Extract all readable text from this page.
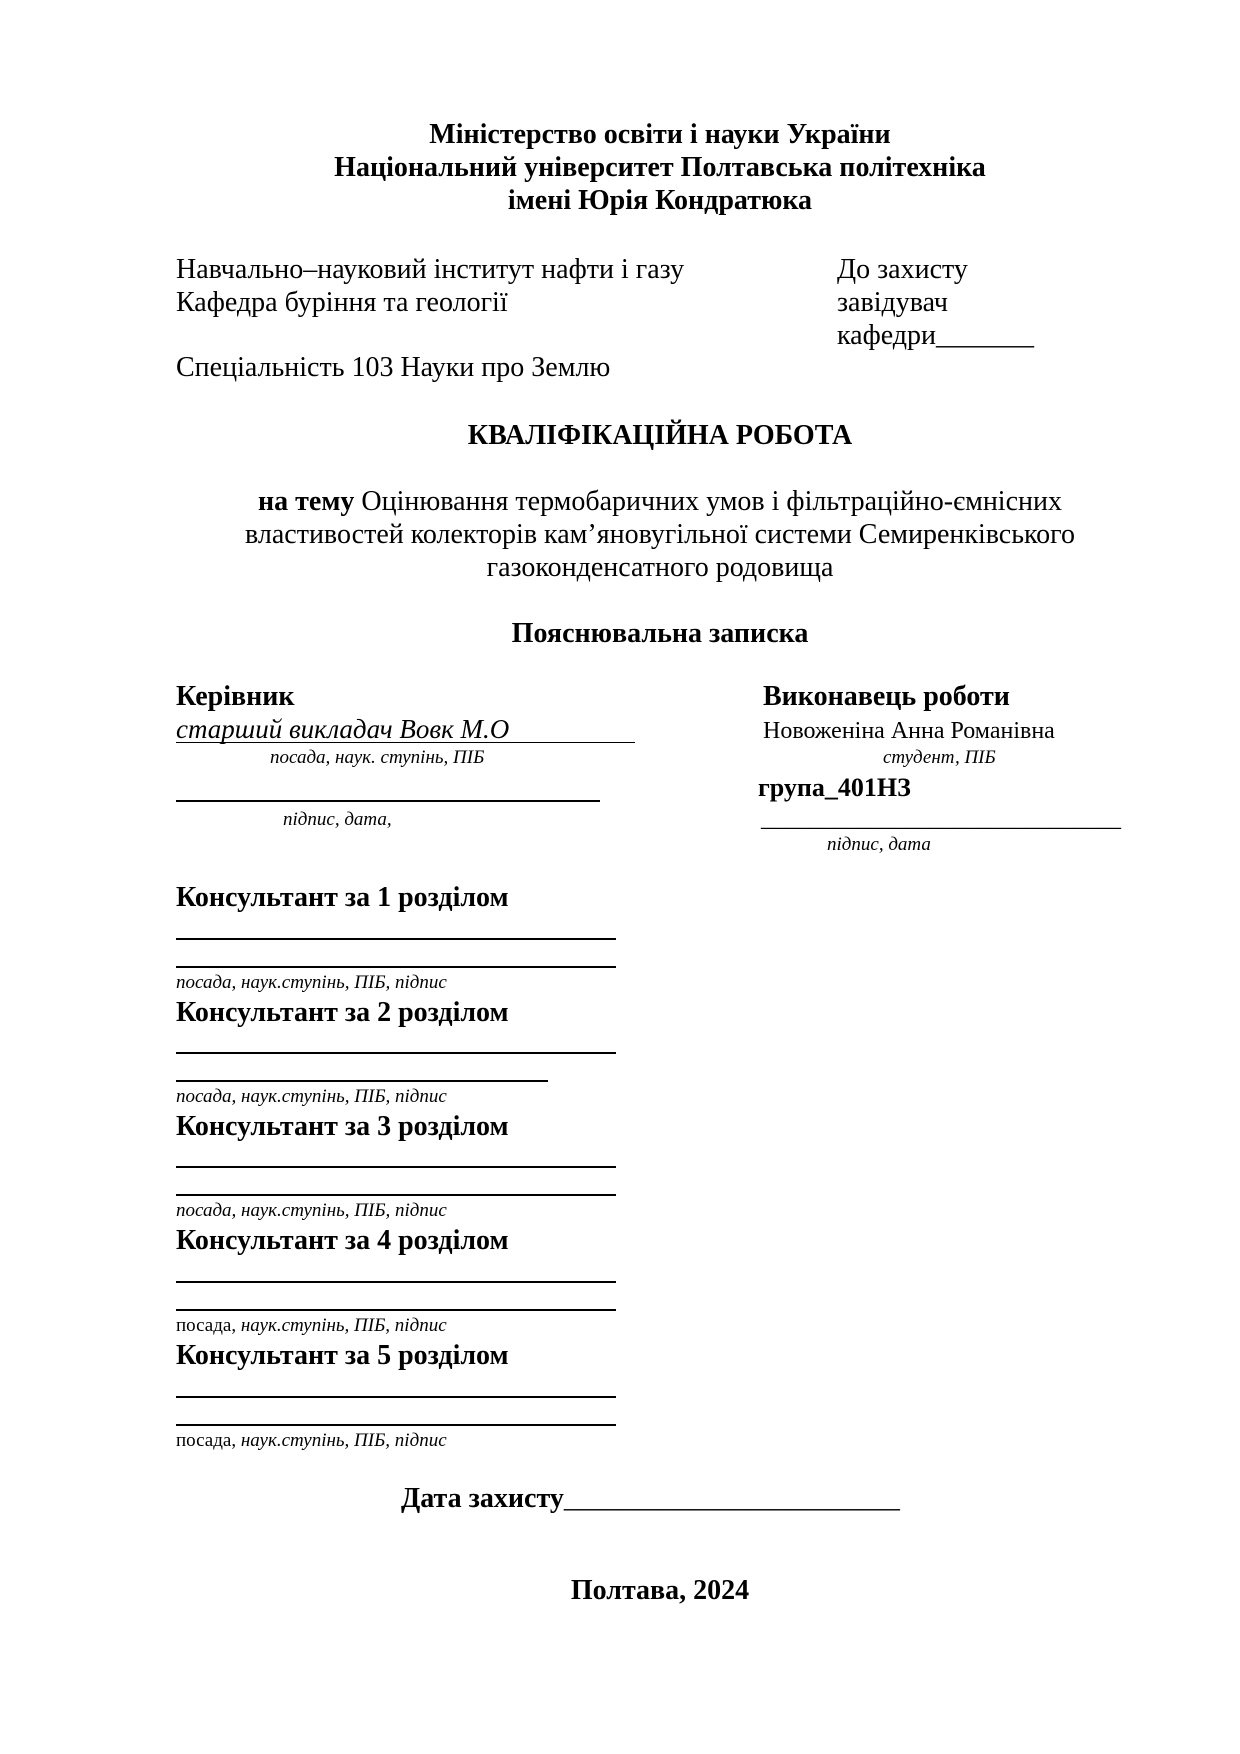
Міністерство освіти і науки України
Національний університет Полтавська політехніка
імені Юрія Кондратюка
Навчально–науковий інститут нафти і газу
Кафедра буріння та геології
Спеціальність 103 Науки про Землю
До захисту
завідувач
кафедри_______
КВАЛІФІКАЦІЙНА РОБОТА
на тему Оцінювання термобаричних умов і фільтраційно-ємнісних
властивостей колекторів кам’яновугільної системи Семиренківського
газоконденсатного родовища
Пояснювальна записка
Керівник
старший викладач Вовк М.О
посада, наук. ступінь, ПІБ
підпис, дата,
Виконавець роботи
Новоженіна Анна Романівна
студент, ПІБ
група_401НЗ
______________________________
підпис, дата
Консультант за 1 розділом
посада, наук.ступінь, ПІБ, підпис
Консультант за 2 розділом
посада, наук.ступінь, ПІБ, підпис
Консультант за 3 розділом
посада, наук.ступінь, ПІБ, підпис
Консультант за 4 розділом
посада, наук.ступінь, ПІБ, підпис
Консультант за 5 розділом
посада, наук.ступінь, ПІБ, підпис
Дата захисту________________________
Полтава, 2024
